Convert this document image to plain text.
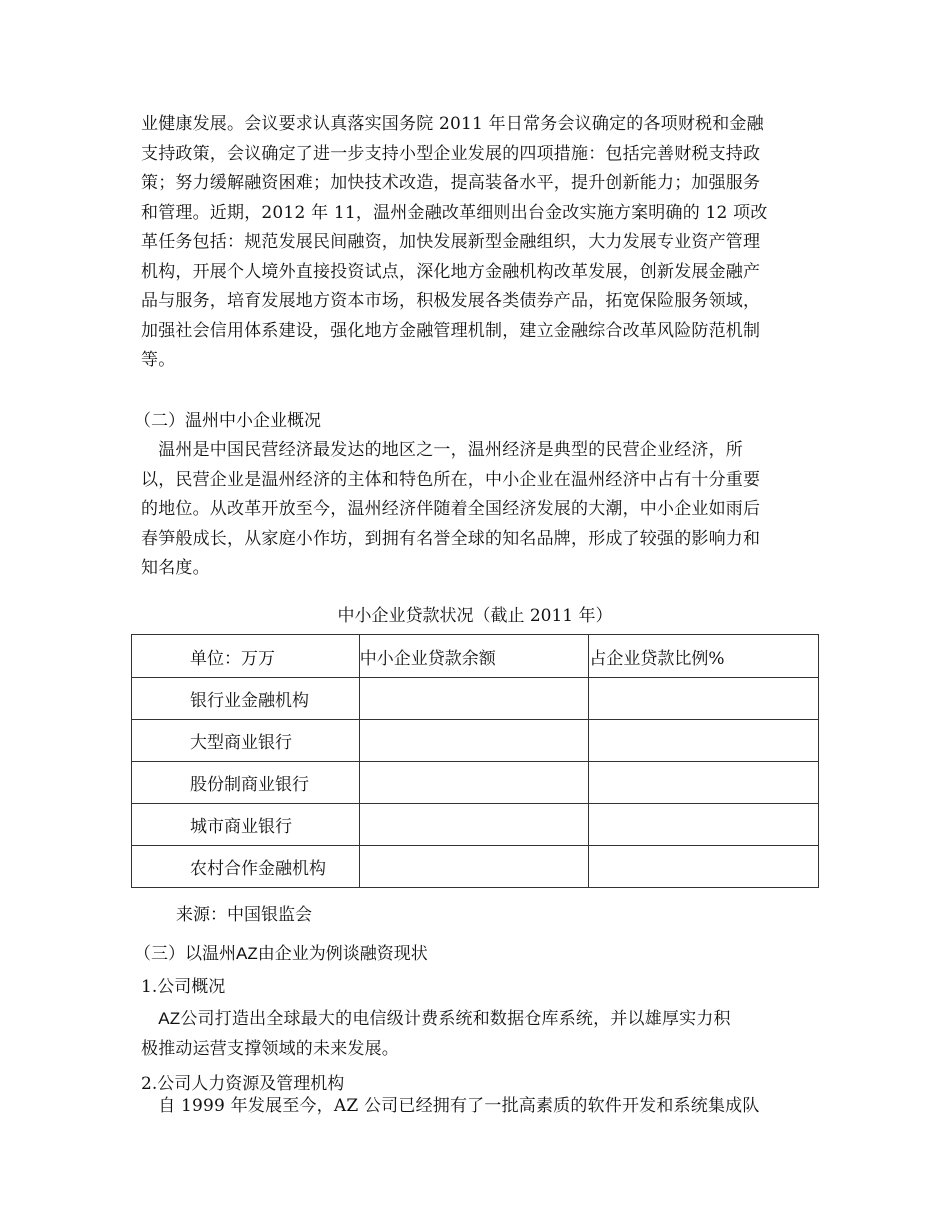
业健康发展。会议要求认真落实国务院 2011 年日常务会议确定的各项财税和金融
支持政策，会议确定了进一步支持小型企业发展的四项措施：包括完善财税支持政
策；努力缓解融资困难；加快技术改造，提高装备水平，提升创新能力；加强服务
和管理。近期，2012 年 11，温州金融改革细则出台金改实施方案明确的 12 项改
革任务包括：规范发展民间融资，加快发展新型金融组织，大力发展专业资产管理
机构，开展个人境外直接投资试点，深化地方金融机构改革发展，创新发展金融产
品与服务，培育发展地方资本市场，积极发展各类债券产品，拓宽保险服务领域，
加强社会信用体系建设，强化地方金融管理机制，建立金融综合改革风险防范机制
等。
（二）温州中小企业概况
　温州是中国民营经济最发达的地区之一，温州经济是典型的民营企业经济，所
以，民营企业是温州经济的主体和特色所在，中小企业在温州经济中占有十分重要
的地位。从改革开放至今，温州经济伴随着全国经济发展的大潮，中小企业如雨后
春笋般成长，从家庭小作坊，到拥有名誉全球的知名品牌，形成了较强的影响力和
知名度。
中小企业贷款状况（截止 2011 年）
单位：万万	中小企业贷款余额	占企业贷款比例%
银行业金融机构		
大型商业银行		
股份制商业银行		
城市商业银行		
农村合作金融机构		
来源：中国银监会
（三）以温州AZ由企业为例谈融资现状
1.公司概况
　AZ公司打造出全球最大的电信级计费系统和数据仓库系统，并以雄厚实力积
极推动运营支撑领域的未来发展。
2.公司人力资源及管理机构
　自 1999 年发展至今，AZ 公司已经拥有了一批高素质的软件开发和系统集成队
